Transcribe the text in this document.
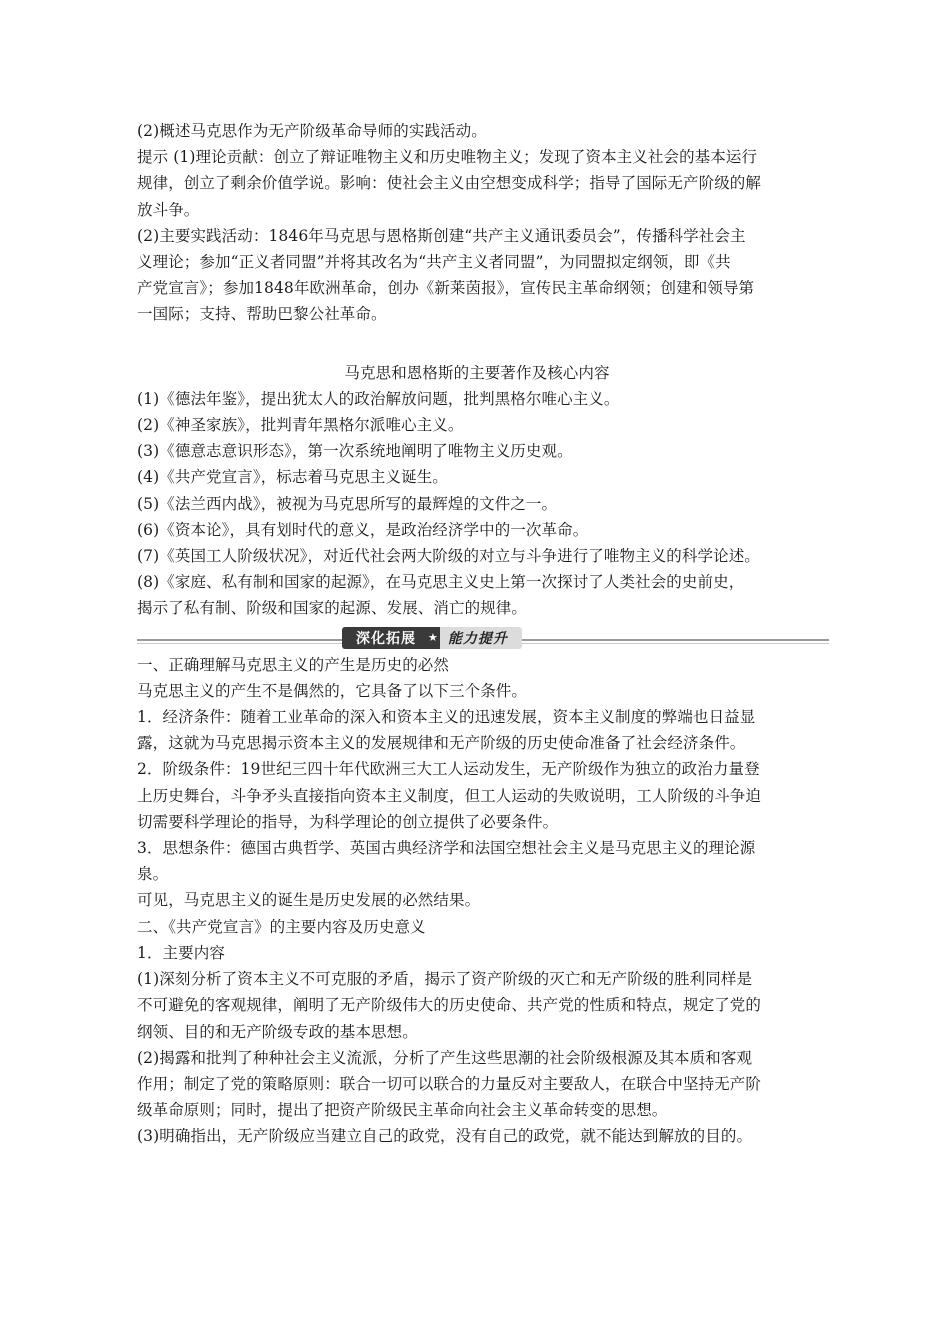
(2)概述马克思作为无产阶级革命导师的实践活动。
提示 (1)理论贡献：创立了辩证唯物主义和历史唯物主义；发现了资本主义社会的基本运行
规律，创立了剩余价值学说。影响：使社会主义由空想变成科学；指导了国际无产阶级的解
放斗争。
(2)主要实践活动：1846年马克思与恩格斯创建“共产主义通讯委员会”，传播科学社会主
义理论；参加“正义者同盟”并将其改名为“共产主义者同盟”，为同盟拟定纲领，即《共
产党宣言》；参加1848年欧洲革命，创办《新莱茵报》，宣传民主革命纲领；创建和领导第
一国际；支持、帮助巴黎公社革命。

马克思和恩格斯的主要著作及核心内容

(1)《德法年鉴》，提出犹太人的政治解放问题，批判黑格尔唯心主义。
(2)《神圣家族》，批判青年黑格尔派唯心主义。
(3)《德意志意识形态》，第一次系统地阐明了唯物主义历史观。
(4)《共产党宣言》，标志着马克思主义诞生。
(5)《法兰西内战》，被视为马克思所写的最辉煌的文件之一。
(6)《资本论》，具有划时代的意义，是政治经济学中的一次革命。
(7)《英国工人阶级状况》，对近代社会两大阶级的对立与斗争进行了唯物主义的科学论述。
(8)《家庭、私有制和国家的起源》，在马克思主义史上第一次探讨了人类社会的史前史，
揭示了私有制、阶级和国家的起源、发展、消亡的规律。
深化拓展	★ 能力提升
一、正确理解马克思主义的产生是历史的必然
马克思主义的产生不是偶然的，它具备了以下三个条件。
1．经济条件：随着工业革命的深入和资本主义的迅速发展，资本主义制度的弊端也日益显
露，这就为马克思揭示资本主义的发展规律和无产阶级的历史使命准备了社会经济条件。
2．阶级条件：19世纪三四十年代欧洲三大工人运动发生，无产阶级作为独立的政治力量登
上历史舞台，斗争矛头直接指向资本主义制度，但工人运动的失败说明，工人阶级的斗争迫
切需要科学理论的指导，为科学理论的创立提供了必要条件。
3．思想条件：德国古典哲学、英国古典经济学和法国空想社会主义是马克思主义的理论源
泉。
可见，马克思主义的诞生是历史发展的必然结果。
二、《共产党宣言》的主要内容及历史意义
1．主要内容
(1)深刻分析了资本主义不可克服的矛盾，揭示了资产阶级的灭亡和无产阶级的胜利同样是
不可避免的客观规律，阐明了无产阶级伟大的历史使命、共产党的性质和特点，规定了党的
纲领、目的和无产阶级专政的基本思想。
(2)揭露和批判了种种社会主义流派，分析了产生这些思潮的社会阶级根源及其本质和客观
作用；制定了党的策略原则：联合一切可以联合的力量反对主要敌人，在联合中坚持无产阶
级革命原则；同时，提出了把资产阶级民主革命向社会主义革命转变的思想。
(3)明确指出，无产阶级应当建立自己的政党，没有自己的政党，就不能达到解放的目的。
